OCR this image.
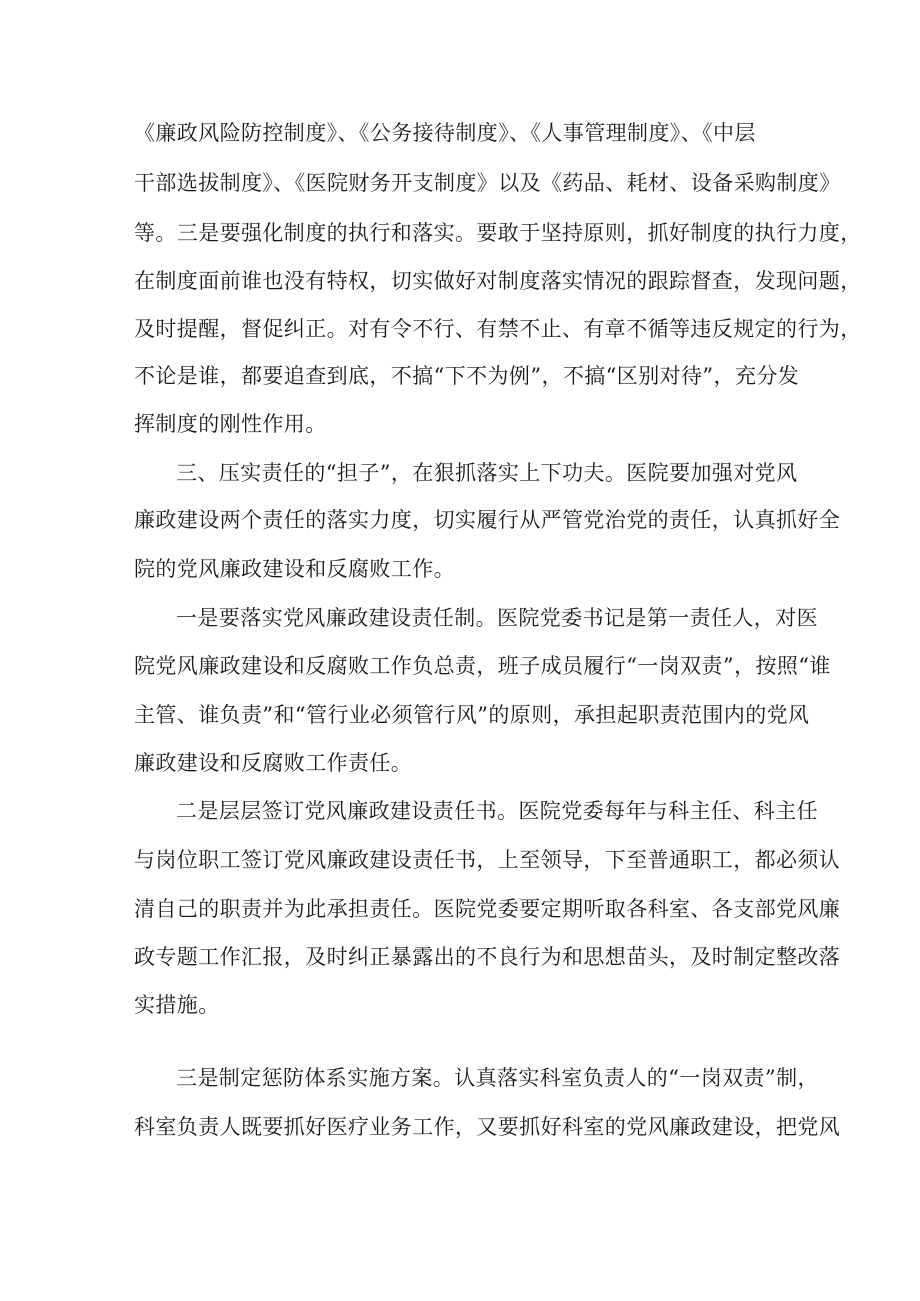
《廉政风险防控制度》、《公务接待制度》、《人事管理制度》、《中层

干部选拔制度》、《医院财务开支制度》以及《药品、耗材、设备采购制度》

等。三是要强化制度的执行和落实。要敢于坚持原则，抓好制度的执行力度，

在制度面前谁也没有特权，切实做好对制度落实情况的跟踪督查，发现问题，

及时提醒，督促纠正。对有令不行、有禁不止、有章不循等违反规定的行为，

不论是谁，都要追查到底，不搞“下不为例”，不搞“区别对待”，充分发

挥制度的刚性作用。

三、压实责任的“担子”，在狠抓落实上下功夫。医院要加强对党风

廉政建设两个责任的落实力度，切实履行从严管党治党的责任，认真抓好全

院的党风廉政建设和反腐败工作。

一是要落实党风廉政建设责任制。医院党委书记是第一责任人，对医

院党风廉政建设和反腐败工作负总责，班子成员履行“一岗双责”，按照“谁

主管、谁负责”和“管行业必须管行风”的原则，承担起职责范围内的党风

廉政建设和反腐败工作责任。

二是层层签订党风廉政建设责任书。医院党委每年与科主任、科主任

与岗位职工签订党风廉政建设责任书，上至领导，下至普通职工，都必须认

清自己的职责并为此承担责任。医院党委要定期听取各科室、各支部党风廉

政专题工作汇报，及时纠正暴露出的不良行为和思想苗头，及时制定整改落

实措施。

三是制定惩防体系实施方案。认真落实科室负责人的“一岗双责”制，

科室负责人既要抓好医疗业务工作，又要抓好科室的党风廉政建设，把党风
